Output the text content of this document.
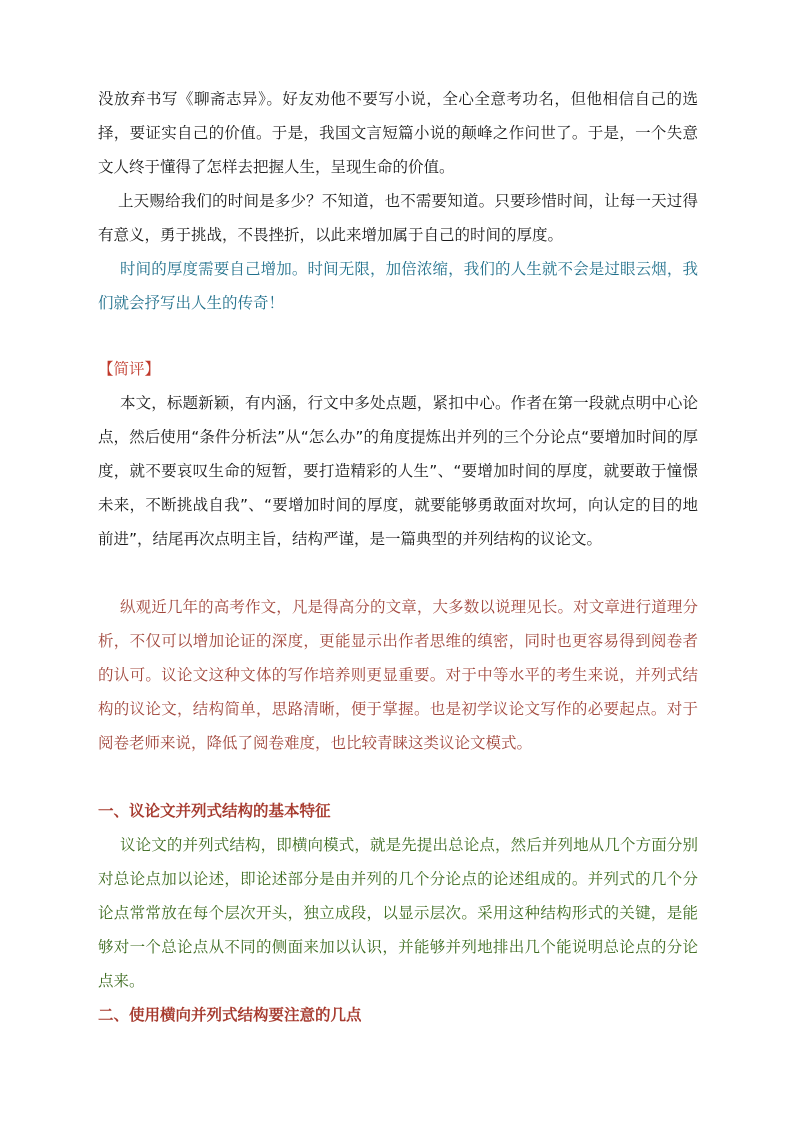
没放弃书写《聊斋志异》。好友劝他不要写小说，全心全意考功名，但他相信自己的选择，要证实自己的价值。于是，我国文言短篇小说的颠峰之作问世了。于是，一个失意文人终于懂得了怎样去把握人生，呈现生命的价值。

上天赐给我们的时间是多少？不知道，也不需要知道。只要珍惜时间，让每一天过得有意义，勇于挑战，不畏挫折，以此来增加属于自己的时间的厚度。

时间的厚度需要自己增加。时间无限，加倍浓缩，我们的人生就不会是过眼云烟，我们就会抒写出人生的传奇！

【简评】

本文，标题新颖，有内涵，行文中多处点题，紧扣中心。作者在第一段就点明中心论点，然后使用“条件分析法”从“怎么办”的角度提炼出并列的三个分论点“要增加时间的厚度，就不要哀叹生命的短暂，要打造精彩的人生”、“要增加时间的厚度，就要敢于憧憬未来，不断挑战自我”、“要增加时间的厚度，就要能够勇敢面对坎坷，向认定的目的地前进”，结尾再次点明主旨，结构严谨，是一篇典型的并列结构的议论文。

纵观近几年的高考作文，凡是得高分的文章，大多数以说理见长。对文章进行道理分析，不仅可以增加论证的深度，更能显示出作者思维的缜密，同时也更容易得到阅卷者的认可。议论文这种文体的写作培养则更显重要。对于中等水平的考生来说，并列式结构的议论文，结构简单，思路清晰，便于掌握。也是初学议论文写作的必要起点。对于阅卷老师来说，降低了阅卷难度，也比较青睐这类议论文模式。

一、议论文并列式结构的基本特征

议论文的并列式结构，即横向模式，就是先提出总论点，然后并列地从几个方面分别对总论点加以论述，即论述部分是由并列的几个分论点的论述组成的。并列式的几个分论点常常放在每个层次开头，独立成段，以显示层次。采用这种结构形式的关键，是能够对一个总论点从不同的侧面来加以认识，并能够并列地排出几个能说明总论点的分论点来。

二、使用横向并列式结构要注意的几点
